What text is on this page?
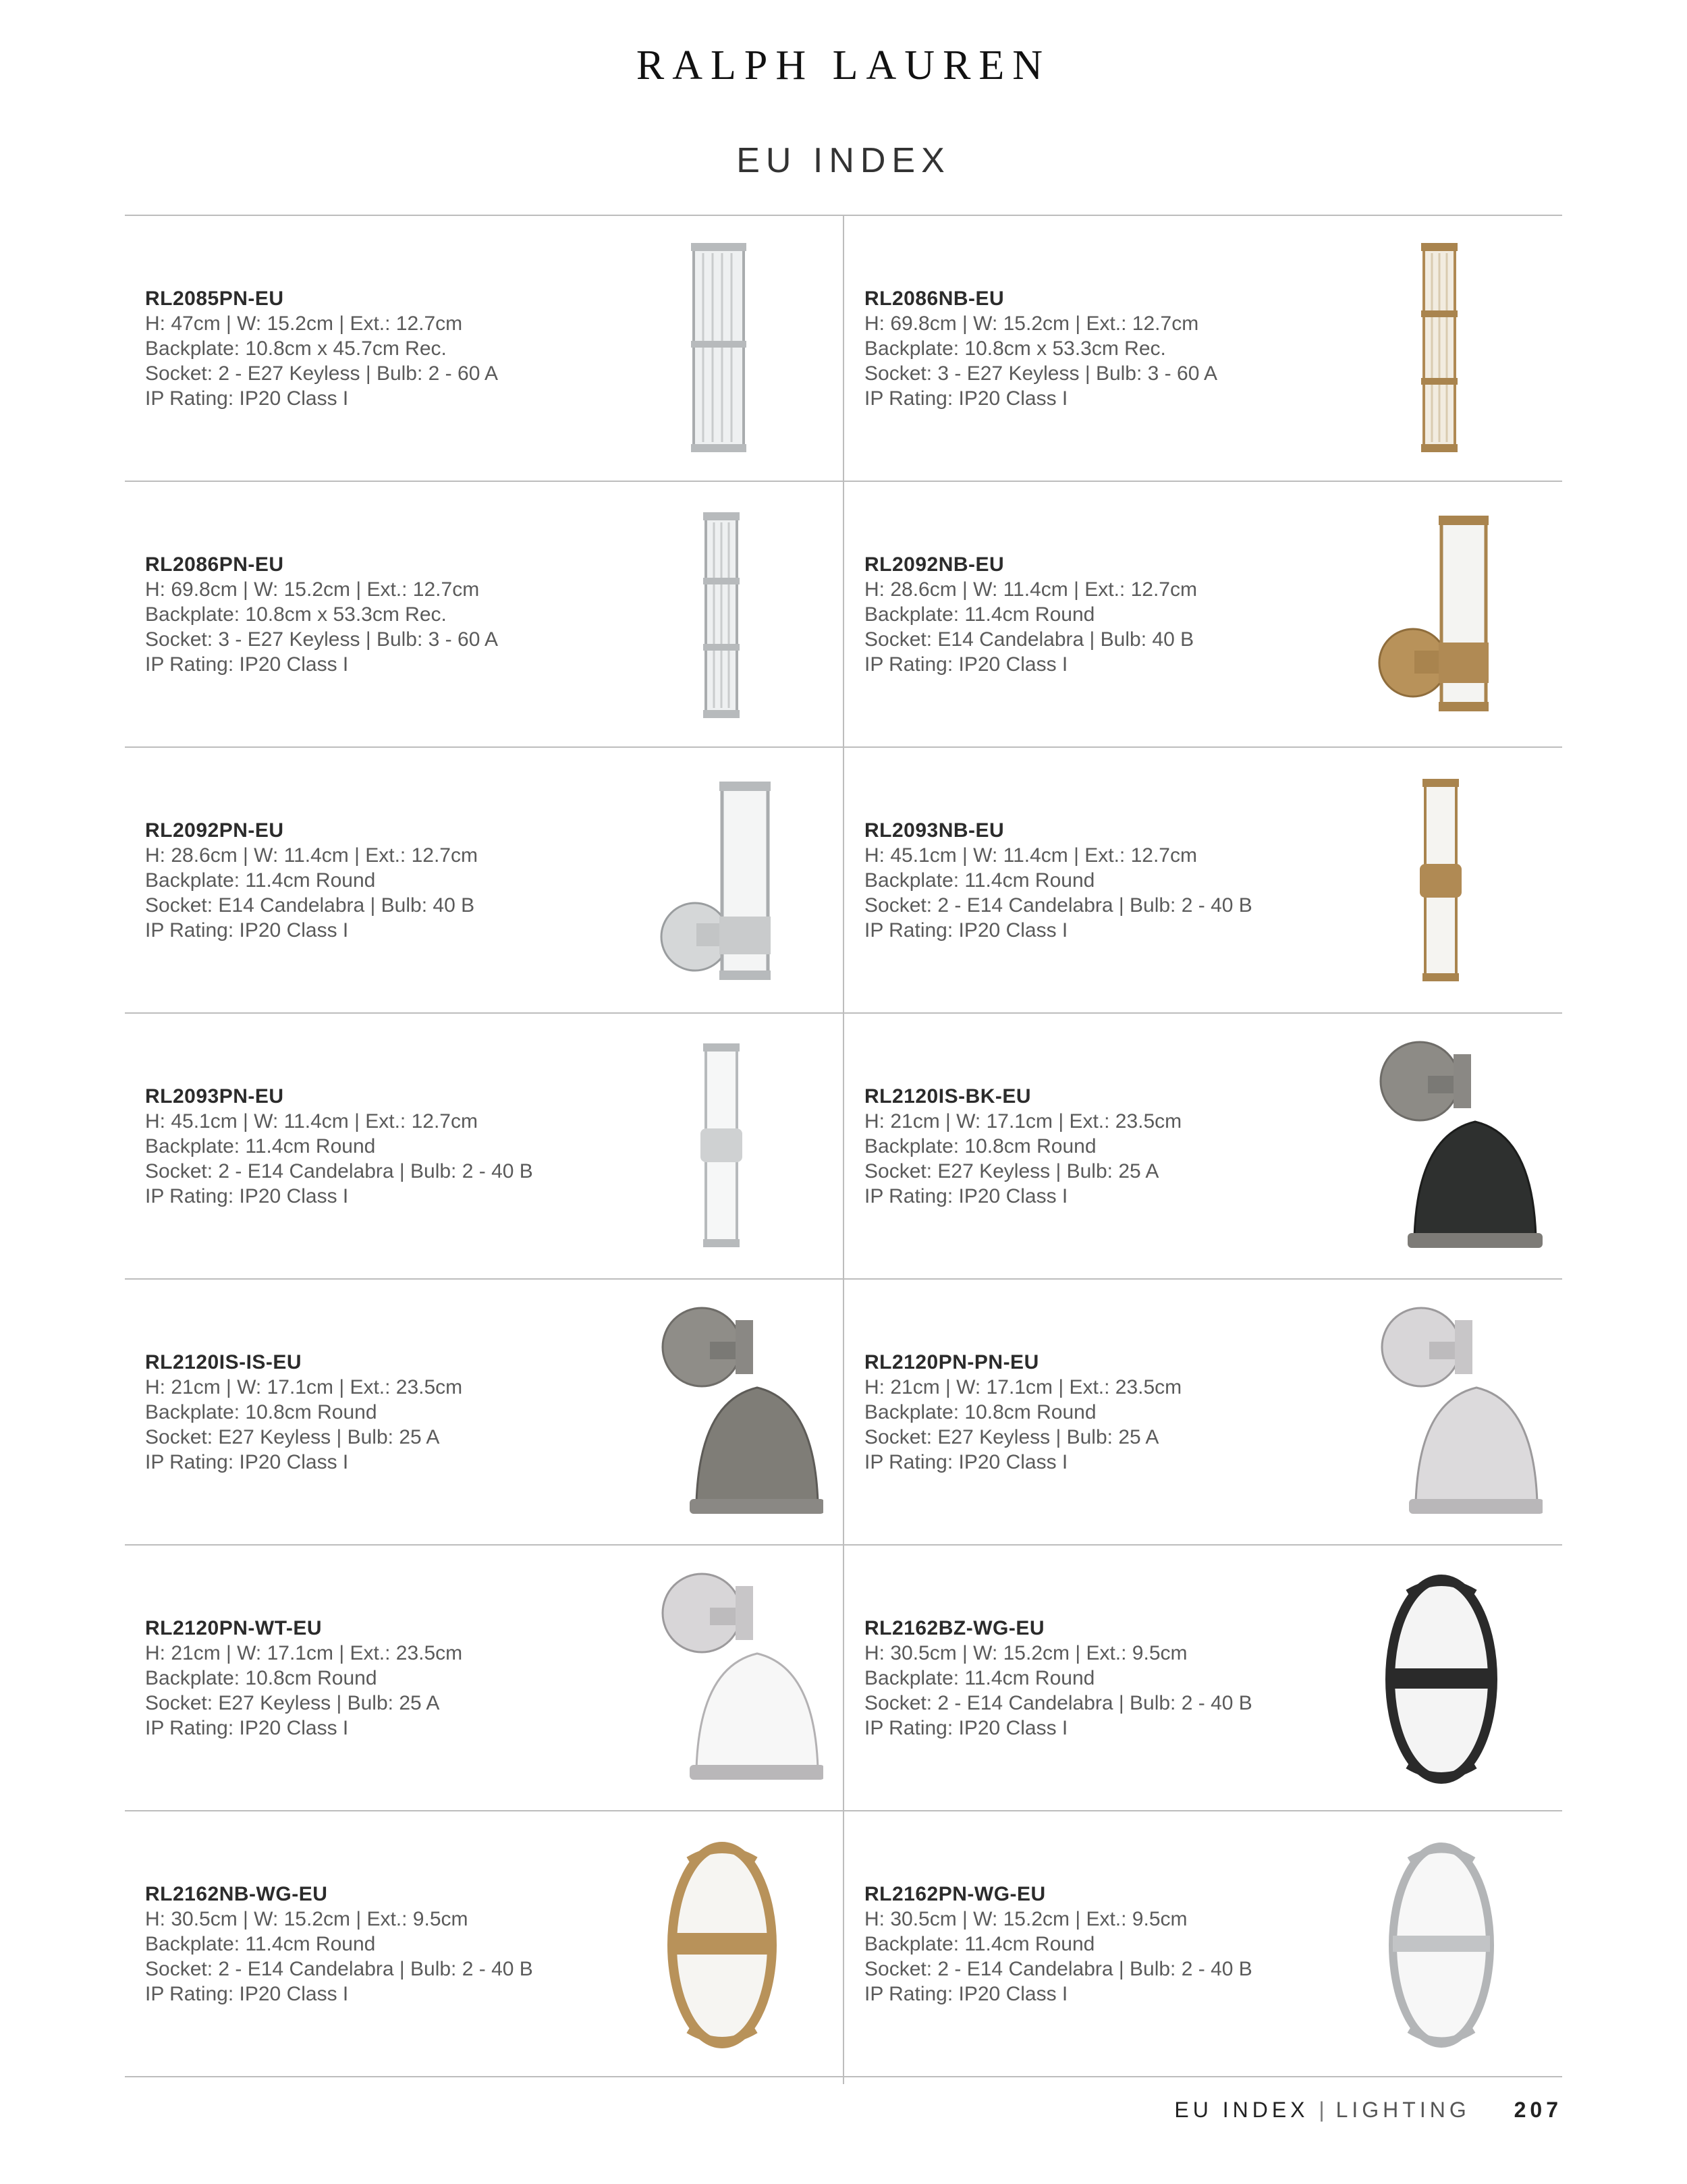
RALPH LAUREN
EU INDEX
RL2085PN-EU
H: 47cm | W: 15.2cm | Ext.: 12.7cm
Backplate: 10.8cm x 45.7cm Rec.
Socket: 2 - E27 Keyless | Bulb: 2 - 60 A
IP Rating: IP20 Class I
RL2086NB-EU
H: 69.8cm | W: 15.2cm | Ext.: 12.7cm
Backplate: 10.8cm x 53.3cm Rec.
Socket: 3 - E27 Keyless | Bulb: 3 - 60 A
IP Rating: IP20 Class I
RL2086PN-EU
H: 69.8cm | W: 15.2cm | Ext.: 12.7cm
Backplate: 10.8cm x 53.3cm Rec.
Socket: 3 - E27 Keyless | Bulb: 3 - 60 A
IP Rating: IP20 Class I
RL2092NB-EU
H: 28.6cm | W: 11.4cm | Ext.: 12.7cm
Backplate: 11.4cm Round
Socket: E14 Candelabra | Bulb: 40 B
IP Rating: IP20 Class I
RL2092PN-EU
H: 28.6cm | W: 11.4cm | Ext.: 12.7cm
Backplate: 11.4cm Round
Socket: E14 Candelabra | Bulb: 40 B
IP Rating: IP20 Class I
RL2093NB-EU
H: 45.1cm | W: 11.4cm | Ext.: 12.7cm
Backplate: 11.4cm Round
Socket: 2 - E14 Candelabra | Bulb: 2 - 40 B
IP Rating: IP20 Class I
RL2093PN-EU
H: 45.1cm | W: 11.4cm | Ext.: 12.7cm
Backplate: 11.4cm Round
Socket: 2 - E14 Candelabra | Bulb: 2 - 40 B
IP Rating: IP20 Class I
RL2120IS-BK-EU
H: 21cm | W: 17.1cm | Ext.: 23.5cm
Backplate: 10.8cm Round
Socket: E27 Keyless | Bulb: 25 A
IP Rating: IP20 Class I
RL2120IS-IS-EU
H: 21cm | W: 17.1cm | Ext.: 23.5cm
Backplate: 10.8cm Round
Socket: E27 Keyless | Bulb: 25 A
IP Rating: IP20 Class I
RL2120PN-PN-EU
H: 21cm | W: 17.1cm | Ext.: 23.5cm
Backplate: 10.8cm Round
Socket: E27 Keyless | Bulb: 25 A
IP Rating: IP20 Class I
RL2120PN-WT-EU
H: 21cm | W: 17.1cm | Ext.: 23.5cm
Backplate: 10.8cm Round
Socket: E27 Keyless | Bulb: 25 A
IP Rating: IP20 Class I
RL2162BZ-WG-EU
H: 30.5cm | W: 15.2cm | Ext.: 9.5cm
Backplate: 11.4cm Round
Socket: 2 - E14 Candelabra | Bulb: 2 - 40 B
IP Rating: IP20 Class I
RL2162NB-WG-EU
H: 30.5cm | W: 15.2cm | Ext.: 9.5cm
Backplate: 11.4cm Round
Socket: 2 - E14 Candelabra | Bulb: 2 - 40 B
IP Rating: IP20 Class I
RL2162PN-WG-EU
H: 30.5cm | W: 15.2cm | Ext.: 9.5cm
Backplate: 11.4cm Round
Socket: 2 - E14 Candelabra | Bulb: 2 - 40 B
IP Rating: IP20 Class I
EU INDEX | LIGHTING 207
